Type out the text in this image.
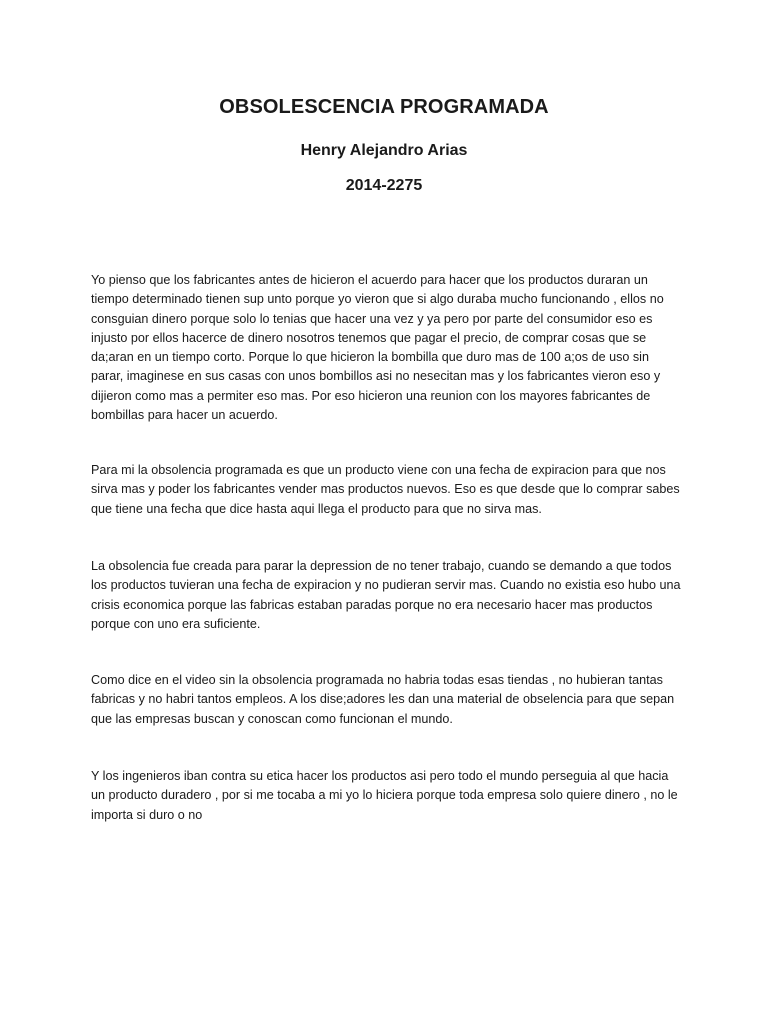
OBSOLESCENCIA PROGRAMADA
Henry Alejandro Arias
2014-2275

Yo pienso que los fabricantes antes de hicieron el acuerdo para hacer que los productos duraran un tiempo determinado tienen sup unto porque yo vieron que si algo duraba mucho funcionando , ellos no consguian dinero porque solo lo tenias que hacer una vez y ya pero por parte del consumidor eso es injusto por ellos hacerce de dinero nosotros tenemos que pagar el precio, de comprar cosas que se da;aran en un tiempo corto. Porque lo que hicieron la bombilla que duro mas de 100 a;os de uso sin parar, imaginese en sus casas con unos bombillos asi no nesecitan mas y los fabricantes vieron eso y dijieron como mas a permiter eso mas. Por eso hicieron una reunion con los mayores fabricantes de bombillas para hacer un acuerdo.

Para mi la obsolencia programada es que un producto viene con una fecha de expiracion para que nos sirva mas y poder los fabricantes vender mas productos nuevos. Eso es que desde que lo comprar sabes que tiene una fecha que dice hasta aqui llega el producto para que no sirva mas.

La obsolencia fue creada para parar la depression de no tener trabajo, cuando se demando a que todos los productos tuvieran una fecha de expiracion y no pudieran servir mas. Cuando no existia eso hubo una crisis economica porque las fabricas estaban paradas porque no era necesario hacer mas productos porque con uno era suficiente.

Como dice en el video sin la obsolencia programada no habria todas esas tiendas , no hubieran tantas fabricas y no habri tantos empleos. A los dise;adores les dan una material de obselencia para que sepan que las empresas buscan y conoscan como funcionan el mundo.

Y los ingenieros iban contra su etica hacer los productos asi pero todo el mundo perseguia al que hacia un producto duradero , por si me tocaba a mi yo lo hiciera porque toda empresa solo quiere dinero , no le importa si duro o no
